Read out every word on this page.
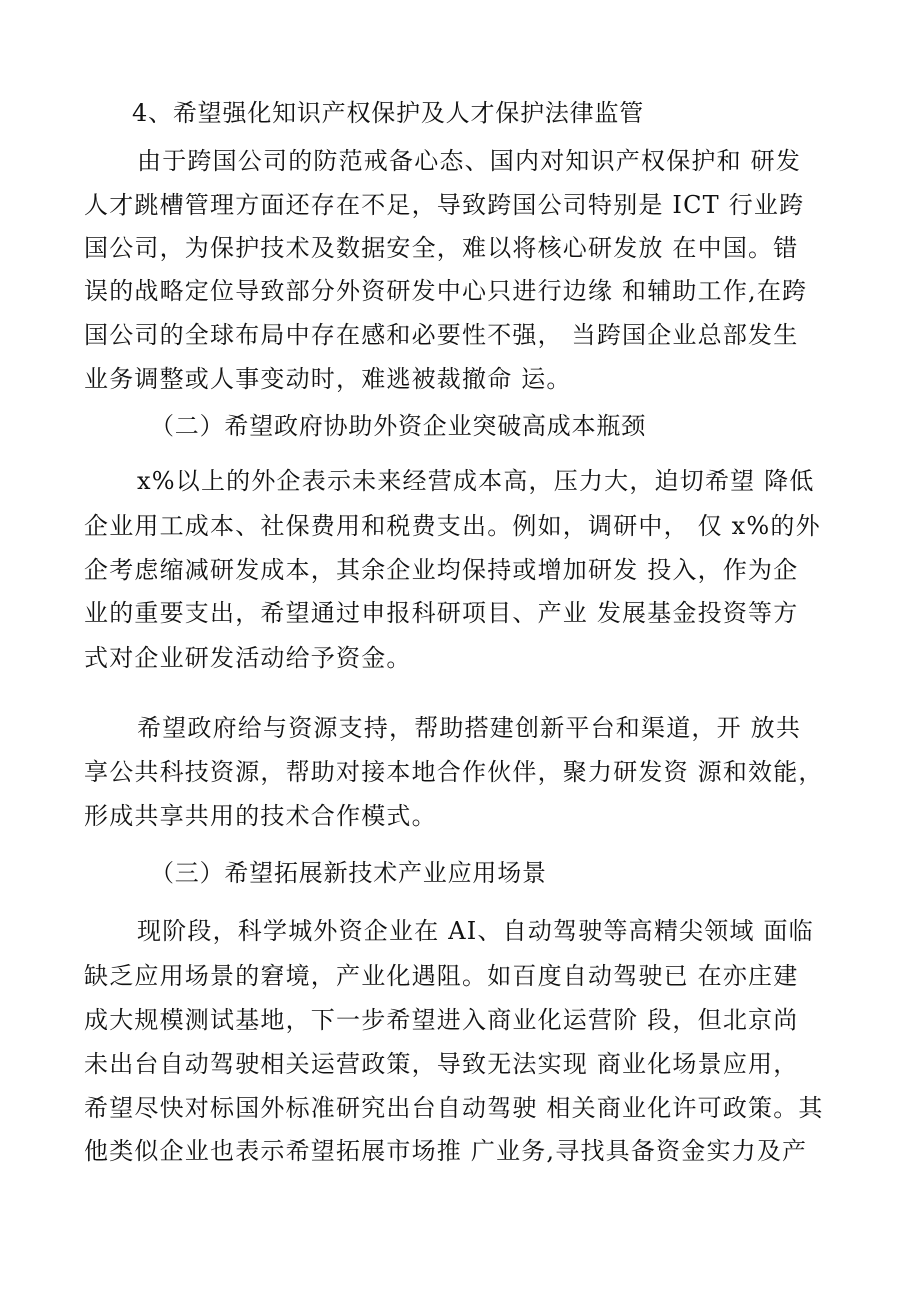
4、希望强化知识产权保护及人才保护法律监管
由于跨国公司的防范戒备心态、国内对知识产权保护和 研发
人才跳槽管理方面还存在不足，导致跨国公司特别是 ICT 行业跨
国公司，为保护技术及数据安全，难以将核心研发放 在中国。错
误的战略定位导致部分外资研发中心只进行边缘 和辅助工作,在跨
国公司的全球布局中存在感和必要性不强， 当跨国企业总部发生
业务调整或人事变动时，难逃被裁撤命 运。
（二）希望政府协助外资企业突破高成本瓶颈
x%以上的外企表示未来经营成本高，压力大，迫切希望 降低
企业用工成本、社保费用和税费支出。例如，调研中， 仅 x%的外
企考虑缩减研发成本，其余企业均保持或增加研发 投入，作为企
业的重要支出，希望通过申报科研项目、产业 发展基金投资等方
式对企业研发活动给予资金。
希望政府给与资源支持，帮助搭建创新平台和渠道，开 放共
享公共科技资源，帮助对接本地合作伙伴，聚力研发资 源和效能，
形成共享共用的技术合作模式。
（三）希望拓展新技术产业应用场景
现阶段，科学城外资企业在 AI、自动驾驶等高精尖领域 面临
缺乏应用场景的窘境，产业化遇阻。如百度自动驾驶已 在亦庄建
成大规模测试基地，下一步希望进入商业化运营阶 段，但北京尚
未出台自动驾驶相关运营政策，导致无法实现 商业化场景应用，
希望尽快对标国外标准研究出台自动驾驶 相关商业化许可政策。其
他类似企业也表示希望拓展市场推 广业务,寻找具备资金实力及产
